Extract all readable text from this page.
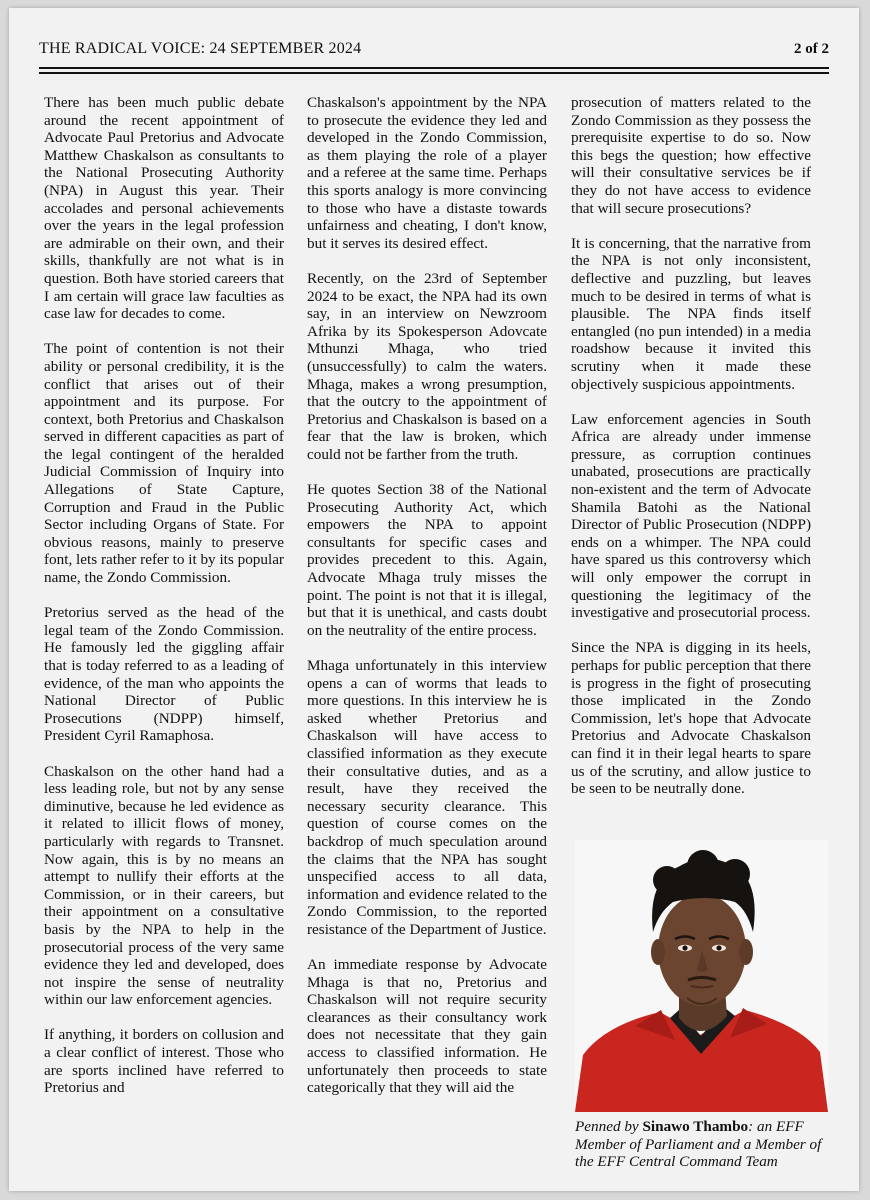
THE RADICAL VOICE: 24 SEPTEMBER 2024	2 of 2

There has been much public debate around the recent appointment of Advocate Paul Pretorius and Advocate Matthew Chaskalson as consultants to the National Prosecuting Authority (NPA) in August this year. Their accolades and personal achievements over the years in the legal profession are admirable on their own, and their skills, thankfully are not what is in question. Both have storied careers that I am certain will grace law faculties as case law for decades to come.

The point of contention is not their ability or personal credibility, it is the conflict that arises out of their appointment and its purpose. For context, both Pretorius and Chaskalson served in different capacities as part of the legal contingent of the heralded Judicial Commission of Inquiry into Allegations of State Capture, Corruption and Fraud in the Public Sector including Organs of State. For obvious reasons, mainly to preserve font, lets rather refer to it by its popular name, the Zondo Commission.

Pretorius served as the head of the legal team of the Zondo Commission. He famously led the giggling affair that is today referred to as a leading of evidence, of the man who appoints the National Director of Public Prosecutions (NDPP) himself, President Cyril Ramaphosa.

Chaskalson on the other hand had a less leading role, but not by any sense diminutive, because he led evidence as it related to illicit flows of money, particularly with regards to Transnet. Now again, this is by no means an attempt to nullify their efforts at the Commission, or in their careers, but their appointment on a consultative basis by the NPA to help in the prosecutorial process of the very same evidence they led and developed, does not inspire the sense of neutrality within our law enforcement agencies.

If anything, it borders on collusion and a clear conflict of interest. Those who are sports inclined have referred to Pretorius and

Chaskalson's appointment by the NPA to prosecute the evidence they led and developed in the Zondo Commission, as them playing the role of a player and a referee at the same time. Perhaps this sports analogy is more convincing to those who have a distaste towards unfairness and cheating, I don't know, but it serves its desired effect.

Recently, on the 23rd of September 2024 to be exact, the NPA had its own say, in an interview on Newzroom Afrika by its Spokesperson Adovcate Mthunzi Mhaga, who tried (unsuccessfully) to calm the waters. Mhaga, makes a wrong presumption, that the outcry to the appointment of Pretorius and Chaskalson is based on a fear that the law is broken, which could not be farther from the truth.

He quotes Section 38 of the National Prosecuting Authority Act, which empowers the NPA to appoint consultants for specific cases and provides precedent to this. Again, Advocate Mhaga truly misses the point. The point is not that it is illegal, but that it is unethical, and casts doubt on the neutrality of the entire process.

Mhaga unfortunately in this interview opens a can of worms that leads to more questions. In this interview he is asked whether Pretorius and Chaskalson will have access to classified information as they execute their consultative duties, and as a result, have they received the necessary security clearance. This question of course comes on the backdrop of much speculation around the claims that the NPA has sought unspecified access to all data, information and evidence related to the Zondo Commission, to the reported resistance of the Department of Justice.

An immediate response by Advocate Mhaga is that no, Pretorius and Chaskalson will not require security clearances as their consultancy work does not necessitate that they gain access to classified information. He unfortunately then proceeds to state categorically that they will aid the

prosecution of matters related to the Zondo Commission as they possess the prerequisite expertise to do so. Now this begs the question; how effective will their consultative services be if they do not have access to evidence that will secure prosecutions?

It is concerning, that the narrative from the NPA is not only inconsistent, deflective and puzzling, but leaves much to be desired in terms of what is plausible. The NPA finds itself entangled (no pun intended) in a media roadshow because it invited this scrutiny when it made these objectively suspicious appointments.

Law enforcement agencies in South Africa are already under immense pressure, as corruption continues unabated, prosecutions are practically non-existent and the term of Advocate Shamila Batohi as the National Director of Public Prosecution (NDPP) ends on a whimper. The NPA could have spared us this controversy which will only empower the corrupt in questioning the legitimacy of the investigative and prosecutorial process.

Since the NPA is digging in its heels, perhaps for public perception that there is progress in the fight of prosecuting those implicated in the Zondo Commission, let's hope that Advocate Pretorius and Advocate Chaskalson can find it in their legal hearts to spare us of the scrutiny, and allow justice to be seen to be neutrally done.

Penned by Sinawo Thambo: an EFF Member of Parliament and a Member of the EFF Central Command Team
